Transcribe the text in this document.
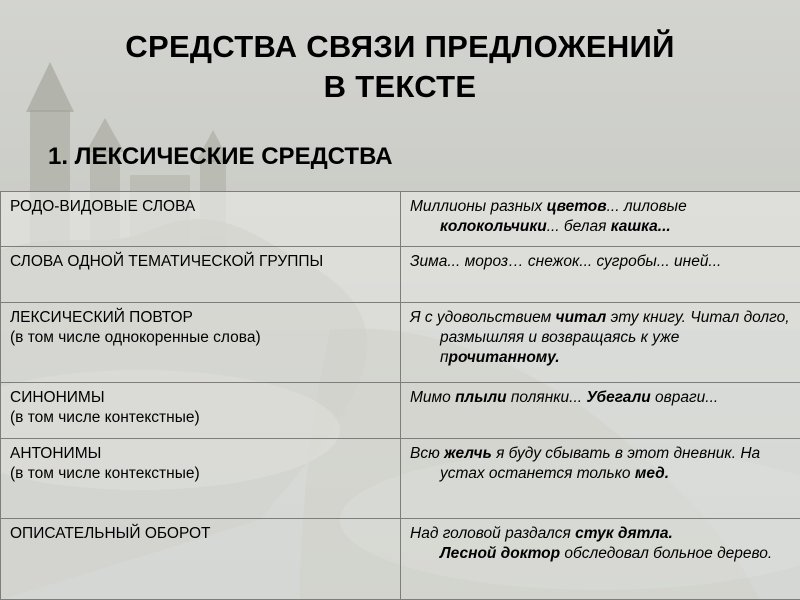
СРЕДСТВА СВЯЗИ ПРЕДЛОЖЕНИЙ
В ТЕКСТЕ
1. ЛЕКСИЧЕСКИЕ СРЕДСТВА
РОДО-ВИДОВЫЕ СЛОВА	Миллионы разных цветов... лиловые колокольчики... белая кашка...

СЛОВА ОДНОЙ ТЕМАТИЧЕСКОЙ ГРУППЫ	Зима... мороз… снежок... сугробы... иней...

ЛЕКСИЧЕСКИЙ ПОВТОР
(в том числе однокоренные слова)	Я с удовольствием читал эту книгу. Читал долго, размышляя и возвращаясь к уже прочитанному.

СИНОНИМЫ
(в том числе контекстные)	Мимо плыли полянки... Убегали овраги...

АНТОНИМЫ
(в том числе контекстные)	Всю желчь я буду сбывать в этот дневник. На устах останется только мед.

ОПИСАТЕЛЬНЫЙ ОБОРОТ	Над головой раздался стук дятла.
Лесной доктор обследовал больное дерево.
